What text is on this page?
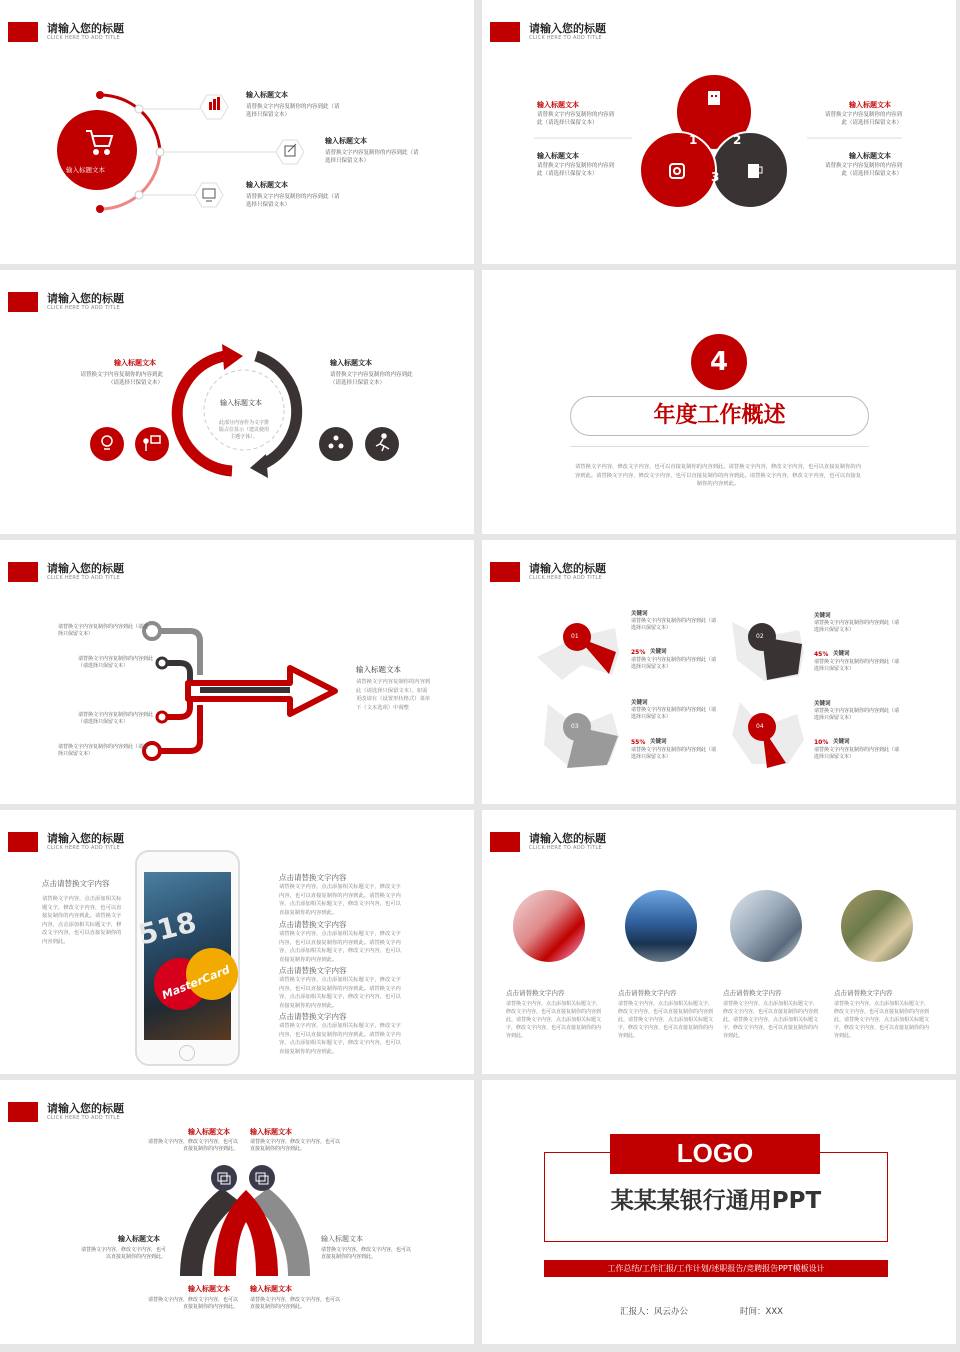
请输入您的标题
CLICK HERE TO ADD TITLE
输入标题文本
输入标题文本
请替换文字内容复制你的内容到此（请选择只保留文本）
输入标题文本
请替换文字内容复制你的内容到此（请选择只保留文本）
输入标题文本
请替换文字内容复制你的内容到此（请选择只保留文本）
请输入您的标题
CLICK HERE TO ADD TITLE
1	2
3
输入标题文本
请替换文字内容复制你的内容到此（请选择只保留文本）
输入标题文本
请替换文字内容复制你的内容到此（请选择只保留文本）
输入标题文本
请替换文字内容复制你的内容到此（请选择只保留文本）
输入标题文本
请替换文字内容复制你的内容到此（请选择只保留文本）
请输入您的标题
CLICK HERE TO ADD TITLE
输入标题文本
此部分内容作为文字排版占位显示（建议使用主题字体）。
输入标题文本
请替换文字内容复制你的内容到此（请选择只保留文本）
输入标题文本
请替换文字内容复制你的内容到此（请选择只保留文本）
4
年度工作概述
请替换文字内容，修改文字内容，也可以直接复制你的内容到此。请替换文字内容，修改文字内容，也可以直接复制你的内容到此。请替换文字内容，修改文字内容，也可以直接复制你的内容到此。请替换文字内容，修改文字内容，也可以直接复制你的内容到此。
请输入您的标题
CLICK HERE TO ADD TITLE
请替换文字内容复制你的内容到此（请选择只保留文本）
请替换文字内容复制你的内容到此（请选择只保留文本）
请替换文字内容复制你的内容到此（请选择只保留文本）
请替换文字内容复制你的内容到此（请选择只保留文本）
输入标题文本
请替换文字内容复制你的内容到此（请选择只保留文本），如需更改请在（设置形状格式）菜单下（文本选项）中调整
请输入您的标题
CLICK HERE TO ADD TITLE
01	02
03	04
关键词
请替换文字内容复制你的内容到此（请选择只保留文本）
25% 关键词
请替换文字内容复制你的内容到此（请选择只保留文本）
关键词
请替换文字内容复制你的内容到此（请选择只保留文本）
45% 关键词
请替换文字内容复制你的内容到此（请选择只保留文本）
关键词
请替换文字内容复制你的内容到此（请选择只保留文本）
55% 关键词
请替换文字内容复制你的内容到此（请选择只保留文本）
关键词
请替换文字内容复制你的内容到此（请选择只保留文本）
10% 关键词
请替换文字内容复制你的内容到此（请选择只保留文本）
请输入您的标题
CLICK HERE TO ADD TITLE
点击请替换文字内容
请替换文字内容，点击添加相关标题文字，修改文字内容，也可以直接复制你的内容到此。请替换文字内容，点击添加相关标题文字，修改文字内容，也可以直接复制你的内容到此。	518
MasterCard
点击请替换文字内容
请替换文字内容，点击添加相关标题文字，修改文字内容，也可以直接复制你的内容到此。请替换文字内容，点击添加相关标题文字，修改文字内容，也可以直接复制你的内容到此。
点击请替换文字内容
请替换文字内容，点击添加相关标题文字，修改文字内容，也可以直接复制你的内容到此。请替换文字内容，点击添加相关标题文字，修改文字内容，也可以直接复制你的内容到此。
点击请替换文字内容
请替换文字内容，点击添加相关标题文字，修改文字内容，也可以直接复制你的内容到此。请替换文字内容，点击添加相关标题文字，修改文字内容，也可以直接复制你的内容到此。
点击请替换文字内容
请替换文字内容，点击添加相关标题文字，修改文字内容，也可以直接复制你的内容到此。请替换文字内容，点击添加相关标题文字，修改文字内容，也可以直接复制你的内容到此。
请输入您的标题
CLICK HERE TO ADD TITLE
点击请替换文字内容
请替换文字内容，点击添加相关标题文字，修改文字内容，也可以直接复制你的内容到此。请替换文字内容，点击添加相关标题文字，修改文字内容，也可以直接复制你的内容到此。
点击请替换文字内容
请替换文字内容，点击添加相关标题文字，修改文字内容，也可以直接复制你的内容到此。请替换文字内容，点击添加相关标题文字，修改文字内容，也可以直接复制你的内容到此。
点击请替换文字内容
请替换文字内容，点击添加相关标题文字，修改文字内容，也可以直接复制你的内容到此。请替换文字内容，点击添加相关标题文字，修改文字内容，也可以直接复制你的内容到此。
点击请替换文字内容
请替换文字内容，点击添加相关标题文字，修改文字内容，也可以直接复制你的内容到此。请替换文字内容，点击添加相关标题文字，修改文字内容，也可以直接复制你的内容到此。
请输入您的标题
CLICK HERE TO ADD TITLE
输入标题文本
请替换文字内容，修改文字内容，也可以直接复制你的内容到此。
输入标题文本
请替换文字内容，修改文字内容，也可以直接复制你的内容到此。
输入标题文本
请替换文字内容，修改文字内容，也可以直接复制你的内容到此。
输入标题文本
请替换文字内容，修改文字内容，也可以直接复制你的内容到此。
输入标题文本
请替换文字内容，修改文字内容，也可以直接复制你的内容到此。
输入标题文本
请替换文字内容，修改文字内容，也可以直接复制你的内容到此。
LOGO
某某某银行通用PPT
工作总结/工作汇报/工作计划/述职报告/竞聘报告PPT模板设计
汇报人：风云办公	时间：XXX
